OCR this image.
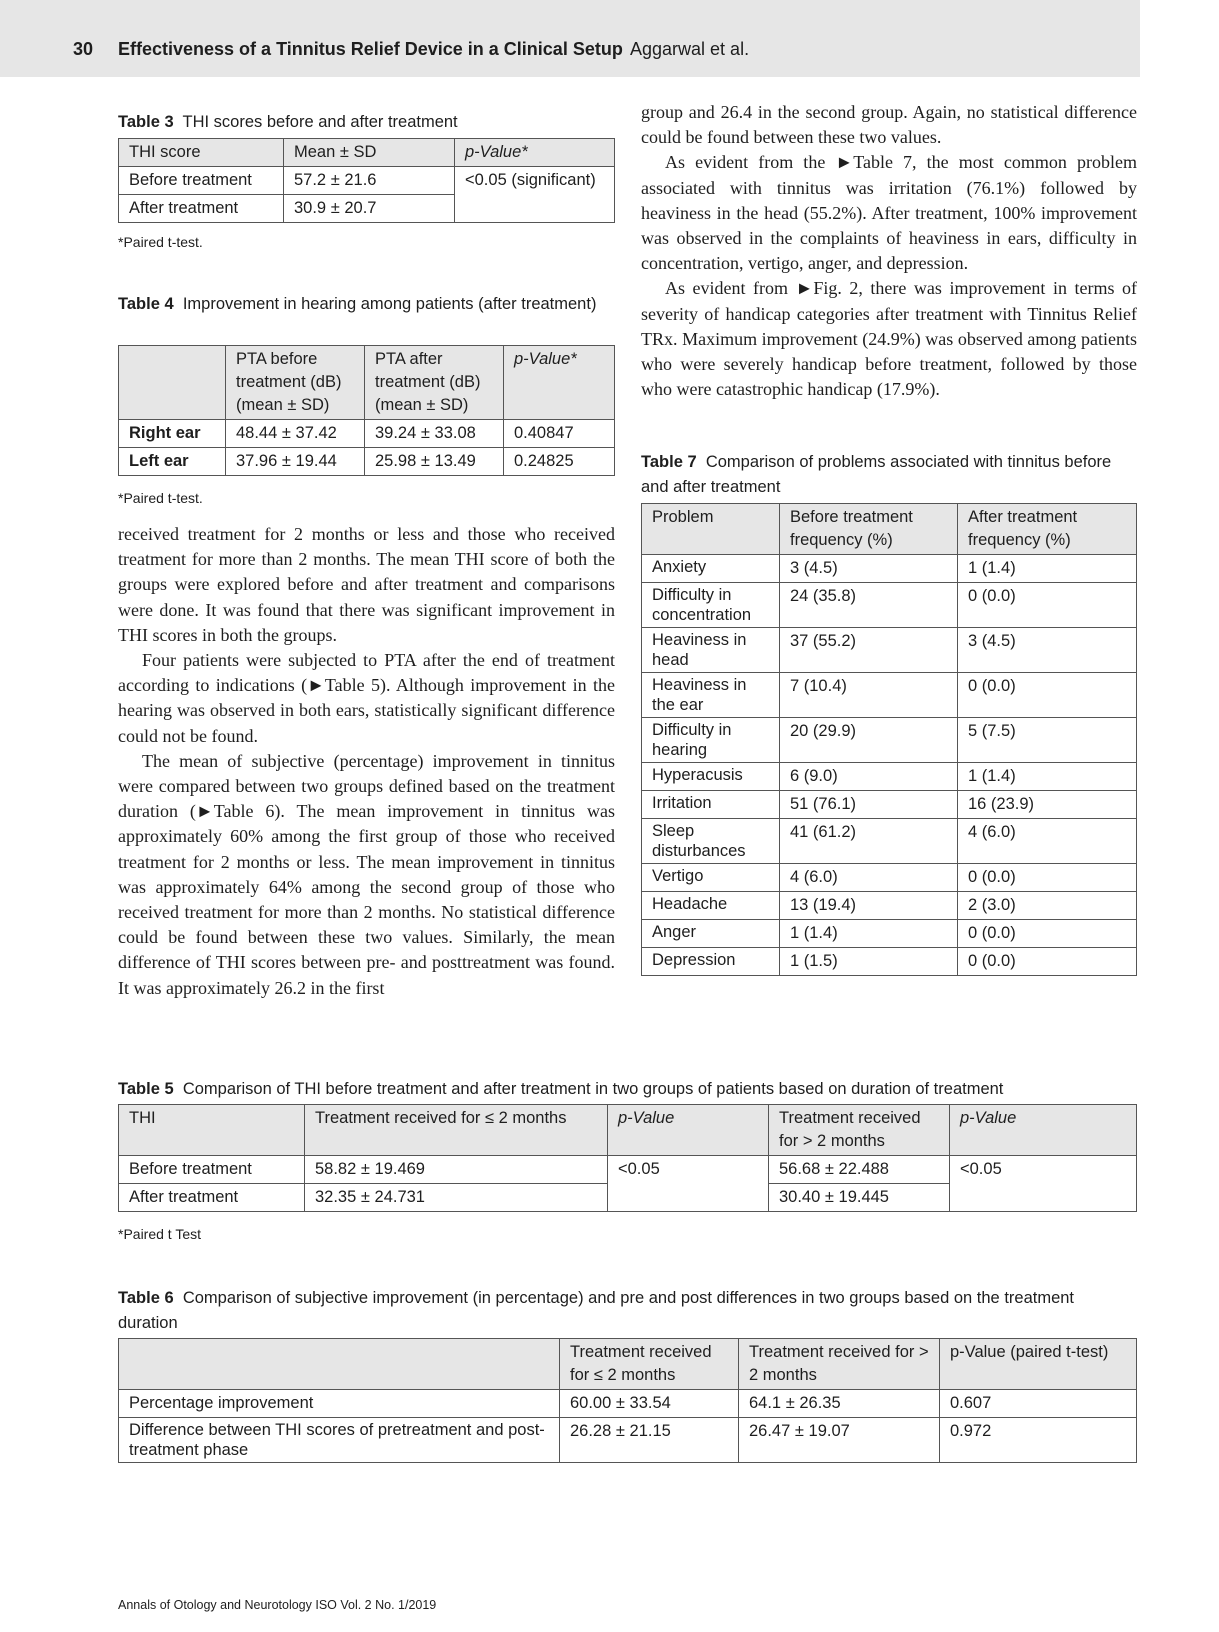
30 Effectiveness of a Tinnitus Relief Device in a Clinical Setup Aggarwal et al.
Table 3 THI scores before and after treatment
THI score	Mean ± SD	p-Value*
Before treatment	57.2 ± 21.6	<0.05 (significant)
After treatment	30.9 ± 20.7	
*Paired t-test.
Table 4 Improvement in hearing among patients (after treatment)
	PTA before treatment (dB) (mean ± SD)	PTA after treatment (dB) (mean ± SD)	p-Value*
Right ear	48.44 ± 37.42	39.24 ± 33.08	0.40847
Left ear	37.96 ± 19.44	25.98 ± 13.49	0.24825
*Paired t-test.

received treatment for 2 months or less and those who received treatment for more than 2 months. The mean THI score of both the groups were explored before and after treatment and comparisons were done. It was found that there was significant improvement in THI scores in both the groups.

Four patients were subjected to PTA after the end of treatment according to indications (►Table 5). Although improvement in the hearing was observed in both ears, statistically significant difference could not be found.

The mean of subjective (percentage) improvement in tinnitus were compared between two groups defined based on the treatment duration (►Table 6). The mean improvement in tinnitus was approximately 60% among the first group of those who received treatment for 2 months or less. The mean improvement in tinnitus was approximately 64% among the second group of those who received treatment for more than 2 months. No statistical difference could be found between these two values. Similarly, the mean difference of THI scores between pre- and posttreatment was found. It was approximately 26.2 in the first

group and 26.4 in the second group. Again, no statistical difference could be found between these two values.

As evident from the ►Table 7, the most common problem associated with tinnitus was irritation (76.1%) followed by heaviness in the head (55.2%). After treatment, 100% improvement was observed in the complaints of heaviness in ears, difficulty in concentration, vertigo, anger, and depression.

As evident from ►Fig. 2, there was improvement in terms of severity of handicap categories after treatment with Tinnitus Relief TRx. Maximum improvement (24.9%) was observed among patients who were severely handicap before treatment, followed by those who were catastrophic handicap (17.9%).

Table 7 Comparison of problems associated with tinnitus before and after treatment
Problem	Before treatment frequency (%)	After treatment frequency (%)
Anxiety	3 (4.5)	1 (1.4)
Difficulty in concentration	24 (35.8)	0 (0.0)
Heaviness in head	37 (55.2)	3 (4.5)
Heaviness in the ear	7 (10.4)	0 (0.0)
Difficulty in hearing	20 (29.9)	5 (7.5)
Hyperacusis	6 (9.0)	1 (1.4)
Irritation	51 (76.1)	16 (23.9)
Sleep disturbances	41 (61.2)	4 (6.0)
Vertigo	4 (6.0)	0 (0.0)
Headache	13 (19.4)	2 (3.0)
Anger	1 (1.4)	0 (0.0)
Depression	1 (1.5)	0 (0.0)
Table 5 Comparison of THI before treatment and after treatment in two groups of patients based on duration of treatment
THI	Treatment received for ≤ 2 months	p-Value	Treatment received for > 2 months	p-Value
Before treatment	58.82 ± 19.469	<0.05	56.68 ± 22.488	<0.05
After treatment	32.35 ± 24.731		30.40 ± 19.445	
*Paired t Test
Table 6 Comparison of subjective improvement (in percentage) and pre and post differences in two groups based on the treatment duration
	Treatment received for ≤ 2 months	Treatment received for > 2 months	p-Value (paired t-test)
Percentage improvement	60.00 ± 33.54	64.1 ± 26.35	0.607
Difference between THI scores of pretreatment and post-treatment phase	26.28 ± 21.15	26.47 ± 19.07	0.972
Annals of Otology and Neurotology ISO Vol. 2 No. 1/2019
